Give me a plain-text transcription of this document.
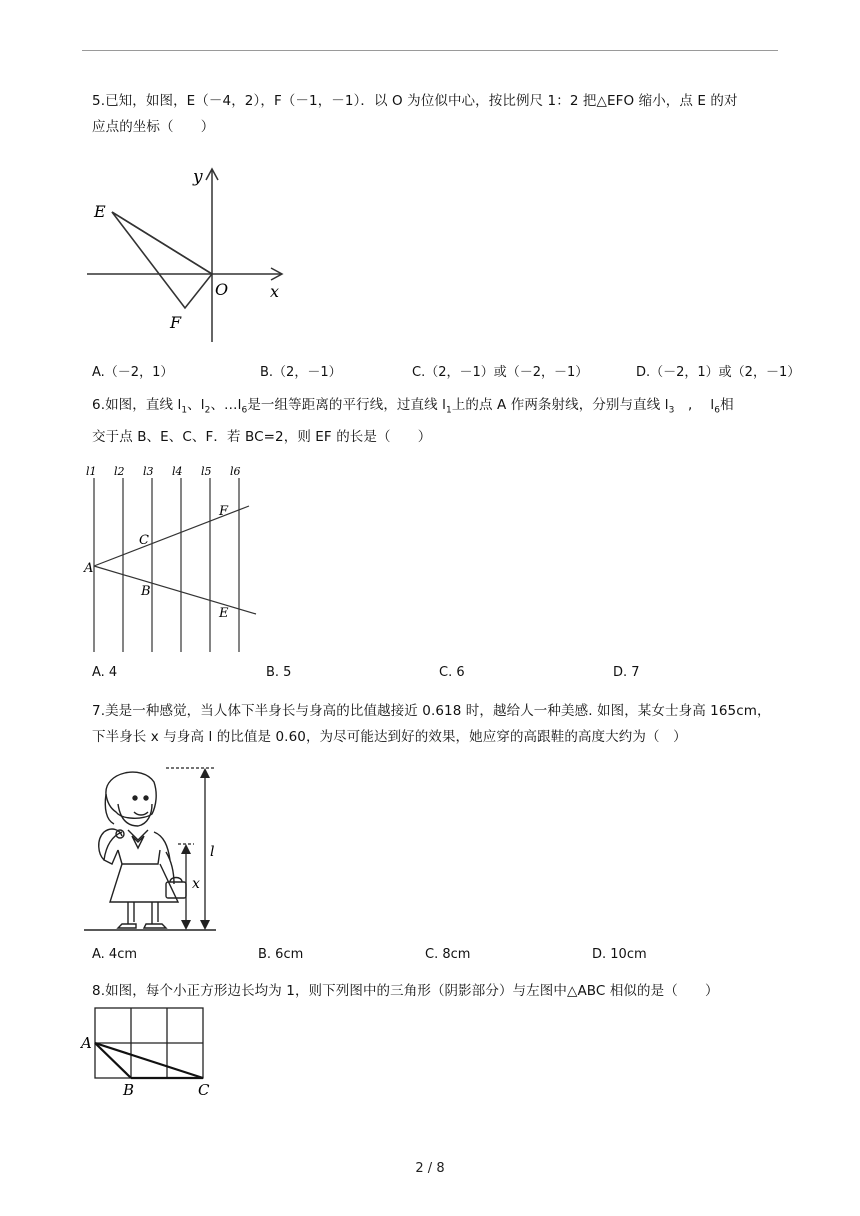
5.已知，如图，E（－4，2），F（－1，－1）．以 O 为位似中心，按比例尺 1：2 把△EFO 缩小，点 E 的对
应点的坐标（　　）
y
x
O
E
F
A.（－2，1）	B.（2，－1）	C.（2，－1）或（－2，－1）	D.（－2，1）或（2，－1）
6.如图，直线 $l_1$、$l_2$、$\dots l_6$是一组等距离的平行线，过直线 $l_1$上的点 A 作两条射线，分别与直线 $l_3$　, 　$l_6$相
交于点 B、E、C、F．若 BC=2，则 EF 的长是（　　）
l1 l2 l3 l4 l5 l6
A
C
B
F
E
A. 4	B. 5	C. 6	D. 7
7.美是一种感觉，当人体下半身长与身高的比值越接近 0.618 时，越给人一种美感. 如图，某女士身高 165cm，
下半身长 x 与身高 l 的比值是 0.60，为尽可能达到好的效果，她应穿的高跟鞋的高度大约为（　）
l
x
A. 4cm	B. 6cm	C. 8cm	D. 10cm
8.如图，每个小正方形边长均为 1，则下列图中的三角形（阴影部分）与左图中△ABC 相似的是（　　）
A
B	C
2 / 8
